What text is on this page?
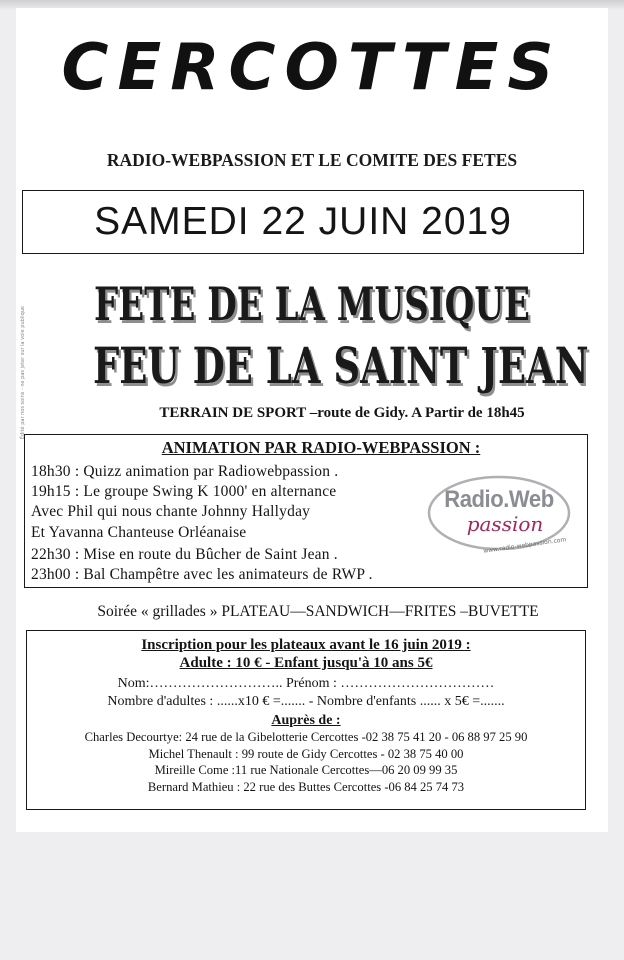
CERCOTTES
RADIO-WEBPASSION ET LE COMITE DES FETES
SAMEDI 22 JUIN 2019
Édité par nos soins - ne pas jeter sur la voie publique
FETE DE LA MUSIQUE
FEU DE LA SAINT JEAN
TERRAIN DE SPORT –route de Gidy. A Partir de 18h45
ANIMATION PAR RADIO-WEBPASSION :
18h30 : Quizz animation par Radiowebpassion .
19h15 : Le groupe Swing K 1000' en alternance
Avec Phil qui nous chante Johnny Hallyday
Et Yavanna Chanteuse Orléanaise
22h30 : Mise en route du Bûcher de Saint Jean .
23h00 : Bal Champêtre avec les animateurs de RWP .
Radio.Web
passion
www.radio-webpassion.com
Soirée « grillades » PLATEAU—SANDWICH—FRITES –BUVETTE
Inscription pour les plateaux avant le 16 juin 2019 :
Adulte : 10 € - Enfant jusqu'à 10 ans 5€
Nom:……………………….. Prénom : ……………………………
Nombre d'adultes : ......x10 € =....... - Nombre d'enfants ...... x 5€ =.......
Auprès de :
Charles Decourtye: 24 rue de la Gibelotterie Cercottes -02 38 75 41 20 - 06 88 97 25 90
Michel Thenault : 99 route de Gidy Cercottes - 02 38 75 40 00
Mireille Come :11 rue Nationale Cercottes—06 20 09 99 35
Bernard Mathieu : 22 rue des Buttes Cercottes -06 84 25 74 73
